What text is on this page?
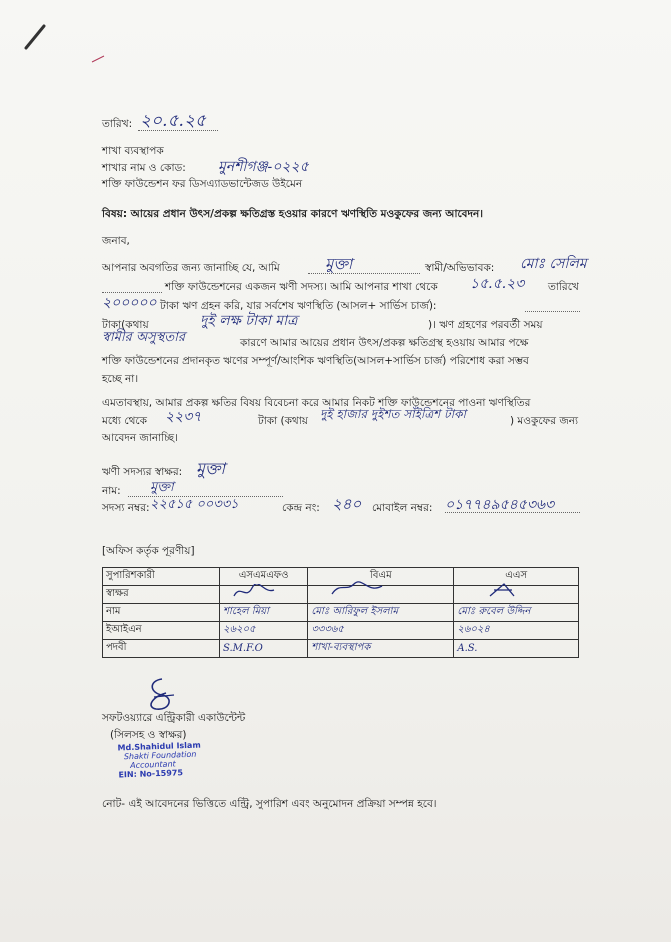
তারিখ: ২০.৫.২৫
শাখা ব্যবস্থাপক
শাখার নাম ও কোড: মুনশীগঞ্জ-০২২৫
শক্তি ফাউন্ডেশন ফর ডিসএ্যাডভান্টেজড উইমেন
বিষয়: আয়ের প্রধান উৎস/প্রকল্প ক্ষতিগ্রস্ত হওয়ার কারণে ঋণস্থিতি মওকুফের জন্য আবেদন।
জনাব,
আপনার অবগতির জন্য জানাচ্ছি যে, আমি	মুক্তা	স্বামী/অভিভাবক: মোঃ সেলিম
শক্তি ফাউন্ডেশনের একজন ঋণী সদস্য। আমি আপনার শাখা থেকে ১৫.৫.২৩ তারিখে
২০০০০০ টাকা ঋণ গ্রহন করি, যার সর্বশেষ ঋণস্থিতি (আসল+ সার্ভিস চার্জ):
টাকা(কথায়	দুই লক্ষ টাকা মাত্র	)। ঋণ গ্রহণের পরবর্তী সময়
স্বামীর অসুস্থতার	কারণে আমার আয়ের প্রধান উৎস/প্রকল্প ক্ষতিগ্রস্থ হওয়ায় আমার পক্ষে
শক্তি ফাউন্ডেশনের প্রদানকৃত ঋণের সম্পূর্ণ/আংশিক ঋণস্থিতি(আসল+সার্ভিস চার্জ) পরিশোধ করা সম্ভব
হচ্ছে না।
এমতাবস্থায়, আমার প্রকল্প ক্ষতির বিষয় বিবেচনা করে আমার নিকট শক্তি ফাউন্ডেশনের পাওনা ঋণস্থিতির
মধ্যে থেকে ২২৩৭	টাকা (কথায় দুই হাজার দুইশত সাঁইত্রিশ টাকা	) মওকুফের জন্য
আবেদন জানাচ্ছি।
ঋণী সদস্যর স্বাক্ষর: মুক্তা
নাম: মুক্তা
সদস্য নম্বর: ২২৫১৫ ০০৩৩১	কেন্দ্র নং: ২৪০ মোবাইল নম্বর: ০১৭৭৪৯৫৪৫৩৬৩
[অফিস কর্তৃক পূরণীয়]
সুপারিশকারী	এসএমএফও	বিএম	এএস
স্বাক্ষর	

নাম	শাহেল মিয়া	মোঃ আরিফুল ইসলাম	মোঃ রুবেল উদ্দিন
ইআইএন	২৬২০৫	৩৩৩৬৫	২৬০২৪
পদবী	S.M.F.O	শাখা-ব্যবস্থাপক	A.S.
সফটওয়্যারে এন্ট্রিকারী একাউন্টেন্ট
(সিলসহ ও স্বাক্ষর)
Md.Shahidul Islam
Shakti Foundation
Accountant
EIN: No-15975
নোট- এই আবেদনের ভিত্তিতে এন্ট্রি, সুপারিশ এবং অনুমোদন প্রক্রিয়া সম্পন্ন হবে।
